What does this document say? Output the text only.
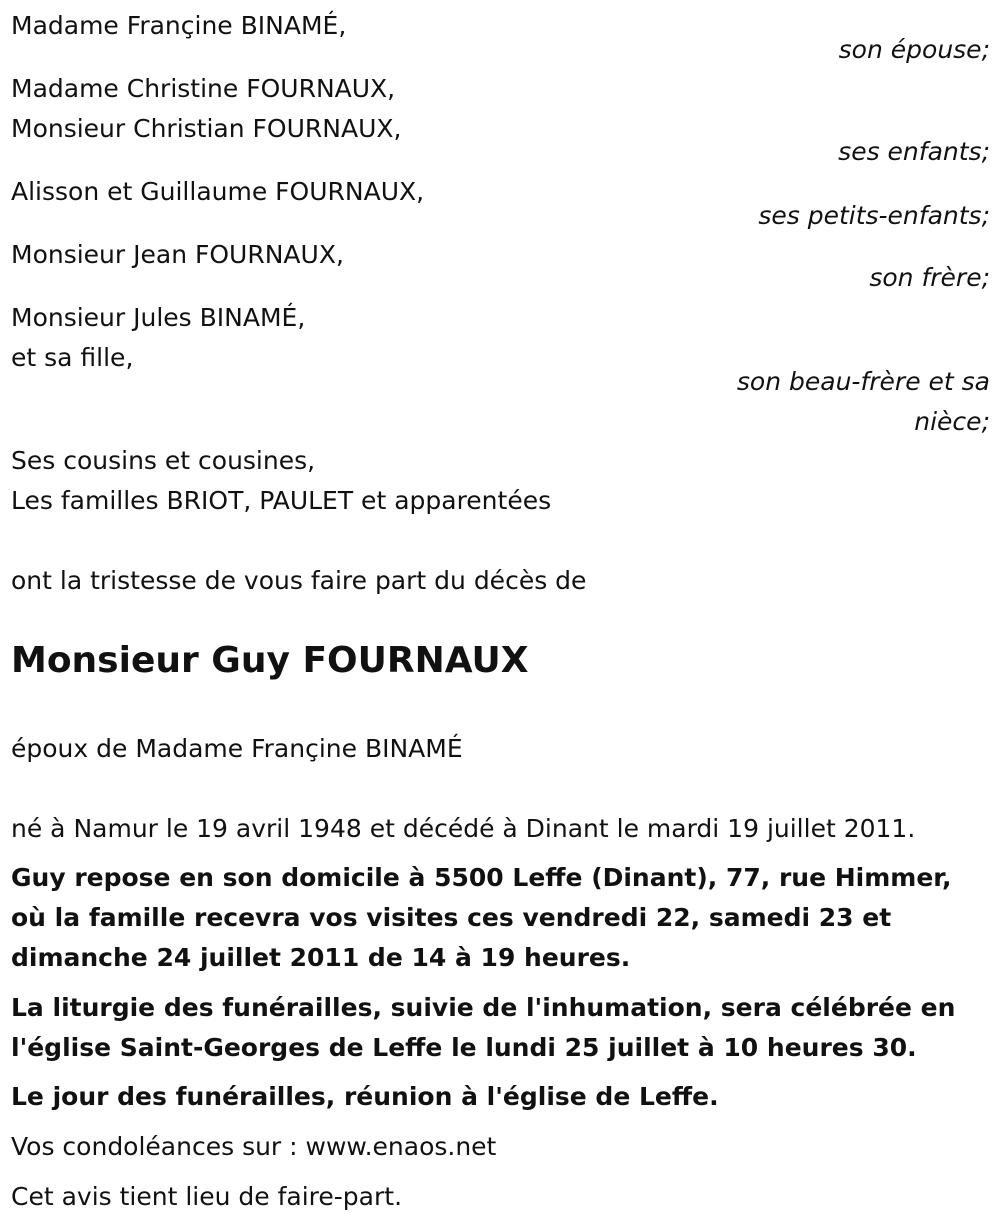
Madame Françine BINAMÉ,
son épouse;
Madame Christine FOURNAUX,
Monsieur Christian FOURNAUX,
ses enfants;
Alisson et Guillaume FOURNAUX,
ses petits-enfants;
Monsieur Jean FOURNAUX,
son frère;
Monsieur Jules BINAMÉ,
et sa fille,
son beau-frère et sa
nièce;
Ses cousins et cousines,
Les familles BRIOT, PAULET et apparentées
ont la tristesse de vous faire part du décès de
Monsieur Guy FOURNAUX
époux de Madame Françine BINAMÉ
né à Namur le 19 avril 1948 et décédé à Dinant le mardi 19 juillet 2011.
Guy repose en son domicile à 5500 Leffe (Dinant), 77, rue Himmer, où la famille recevra vos visites ces vendredi 22, samedi 23 et dimanche 24 juillet 2011 de 14 à 19 heures.
La liturgie des funérailles, suivie de l'inhumation, sera célébrée en l'église Saint-Georges de Leffe le lundi 25 juillet à 10 heures 30.
Le jour des funérailles, réunion à l'église de Leffe.
Vos condoléances sur : www.enaos.net
Cet avis tient lieu de faire-part.
